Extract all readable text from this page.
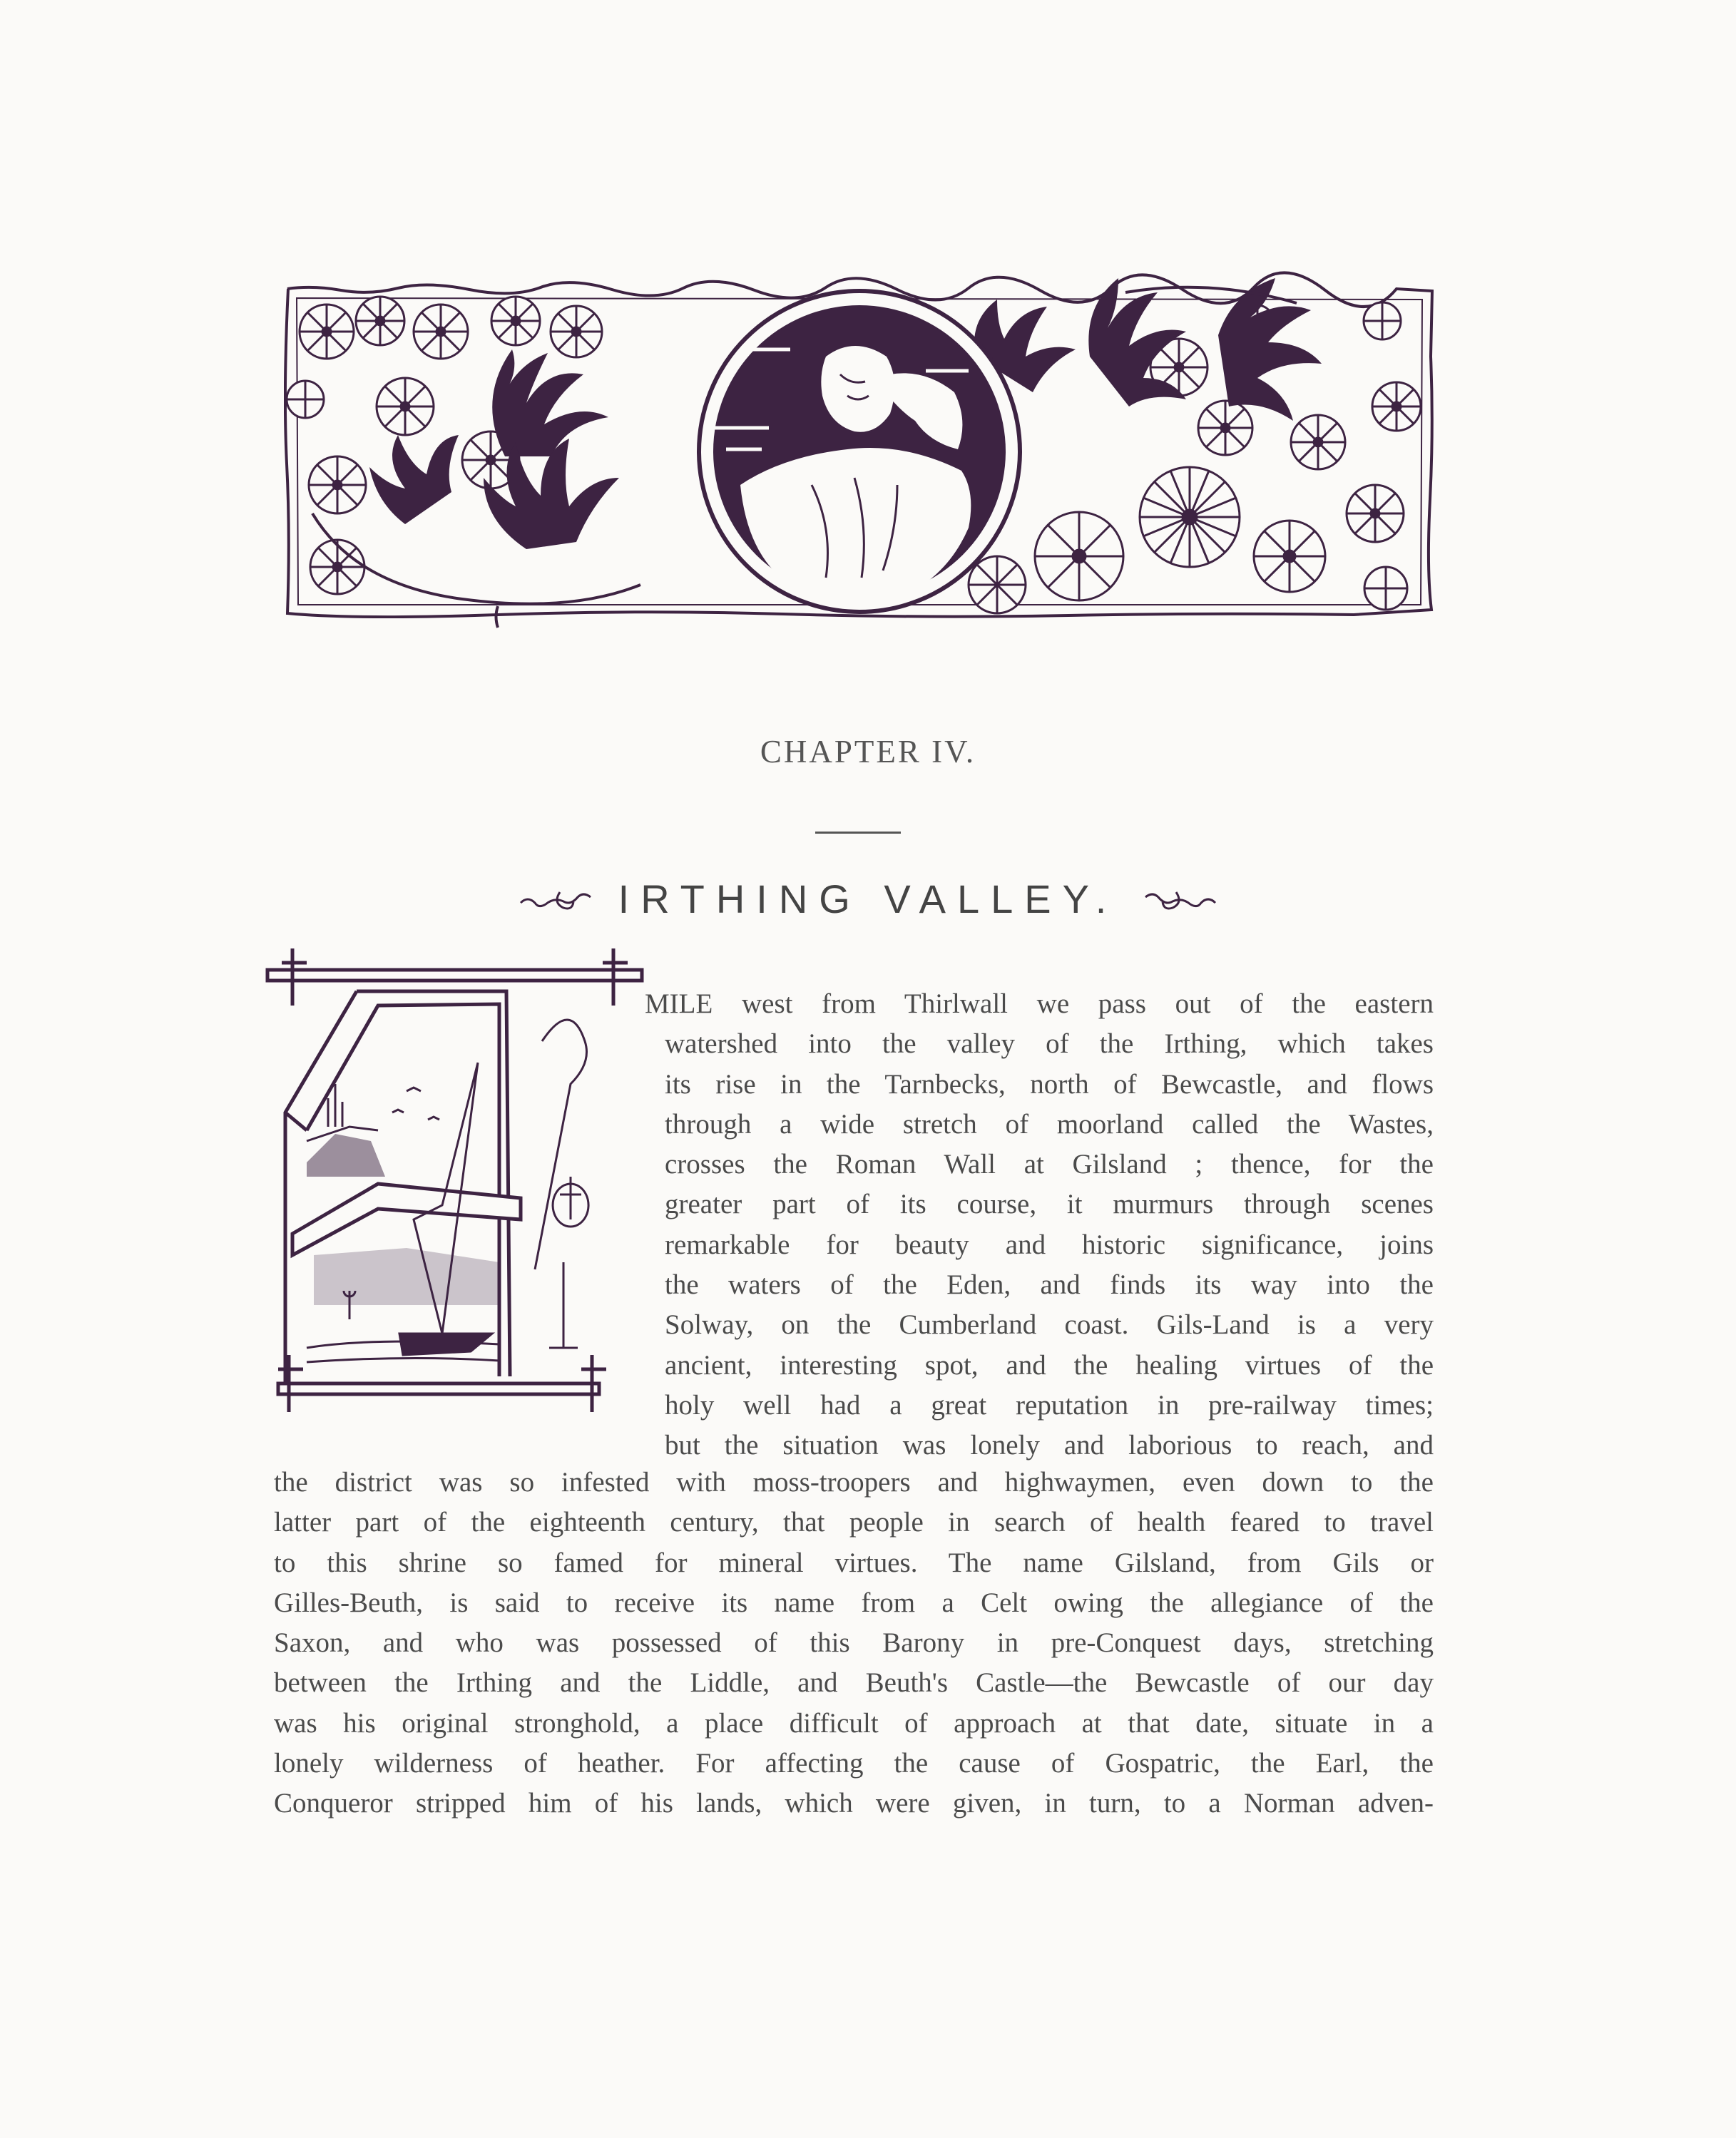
CHAPTER IV.
IRTHING VALLEY.
MILE west from Thirlwall we pass out of the eastern
watershed into the valley of the Irthing, which takes
its rise in the Tarnbecks, north of Bewcastle, and flows
through a wide stretch of moorland called the Wastes,
crosses the Roman Wall at Gilsland ; thence, for the
greater part of its course, it murmurs through scenes
remarkable for beauty and historic significance, joins
the waters of the Eden, and finds its way into the
Solway, on the Cumberland coast. Gils-Land is a very
ancient, interesting spot, and the healing virtues of the
holy well had a great reputation in pre-railway times;
but the situation was lonely and laborious to reach, and
the district was so infested with moss-troopers and highwaymen, even down to the
latter part of the eighteenth century, that people in search of health feared to travel
to this shrine so famed for mineral virtues. The name Gilsland, from Gils or
Gilles-Beuth, is said to receive its name from a Celt owing the allegiance of the
Saxon, and who was possessed of this Barony in pre-Conquest days, stretching
between the Irthing and the Liddle, and Beuth's Castle—the Bewcastle of our day
was his original stronghold, a place difficult of approach at that date, situate in a
lonely wilderness of heather. For affecting the cause of Gospatric, the Earl, the
Conqueror stripped him of his lands, which were given, in turn, to a Norman adven-
